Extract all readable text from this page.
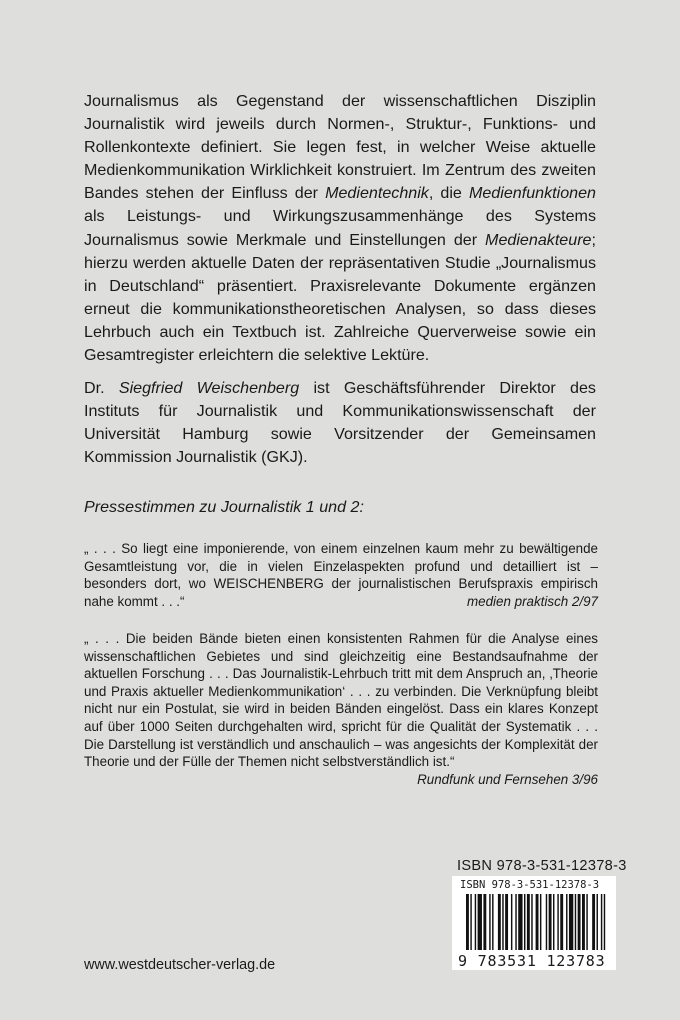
Journalismus als Gegenstand der wissenschaftlichen Disziplin Journalistik wird jeweils durch Normen-, Struktur-, Funktions- und Rollenkontexte definiert. Sie legen fest, in welcher Weise aktuelle Medienkommunikation Wirklichkeit konstruiert. Im Zentrum des zweiten Bandes stehen der Einfluss der Medientechnik, die Medienfunktionen als Leistungs- und Wirkungszusammenhänge des Systems Journalismus sowie Merkmale und Einstellungen der Medienakteure; hierzu werden aktuelle Daten der repräsentativen Studie „Journalismus in Deutschland“ präsentiert. Praxisrelevante Dokumente ergänzen erneut die kommunikationstheoretischen Analysen, so dass dieses Lehrbuch auch ein Textbuch ist. Zahlreiche Querverweise sowie ein Gesamtregister erleichtern die selektive Lektüre.

Dr. Siegfried Weischenberg ist Geschäftsführender Direktor des Instituts für Journalistik und Kommunikationswissenschaft der Universität Hamburg sowie Vorsitzender der Gemeinsamen Kommission Journalistik (GKJ).

Pressestimmen zu Journalistik 1 und 2:

„ . . . So liegt eine imponierende, von einem einzelnen kaum mehr zu bewältigende Gesamtleistung vor, die in vielen Einzelaspekten profund und detailliert ist – besonders dort, wo WEISCHENBERG der journalistischen Berufspraxis empirisch nahe kommt . . .“	medien praktisch 2/97
„ . . . Die beiden Bände bieten einen konsistenten Rahmen für die Analyse eines wissenschaftlichen Gebietes und sind gleichzeitig eine Bestandsaufnahme der aktuellen Forschung . . . Das Journalistik-Lehrbuch tritt mit dem Anspruch an, ‚Theorie und Praxis aktueller Medienkommunikation‘ . . . zu verbinden. Die Verknüpfung bleibt nicht nur ein Postulat, sie wird in beiden Bänden eingelöst. Dass ein klares Konzept auf über 1000 Seiten durchgehalten wird, spricht für die Qualität der Systematik . . . Die Darstellung ist verständlich und anschaulich – was angesichts der Komplexität der Theorie und der Fülle der Themen nicht selbstverständlich ist.“
Rundfunk und Fernsehen 3/96

ISBN 978-3-531-12378-3

ISBN 978-3-531-12378-3

9 783531 123783

www.westdeutscher-verlag.de
